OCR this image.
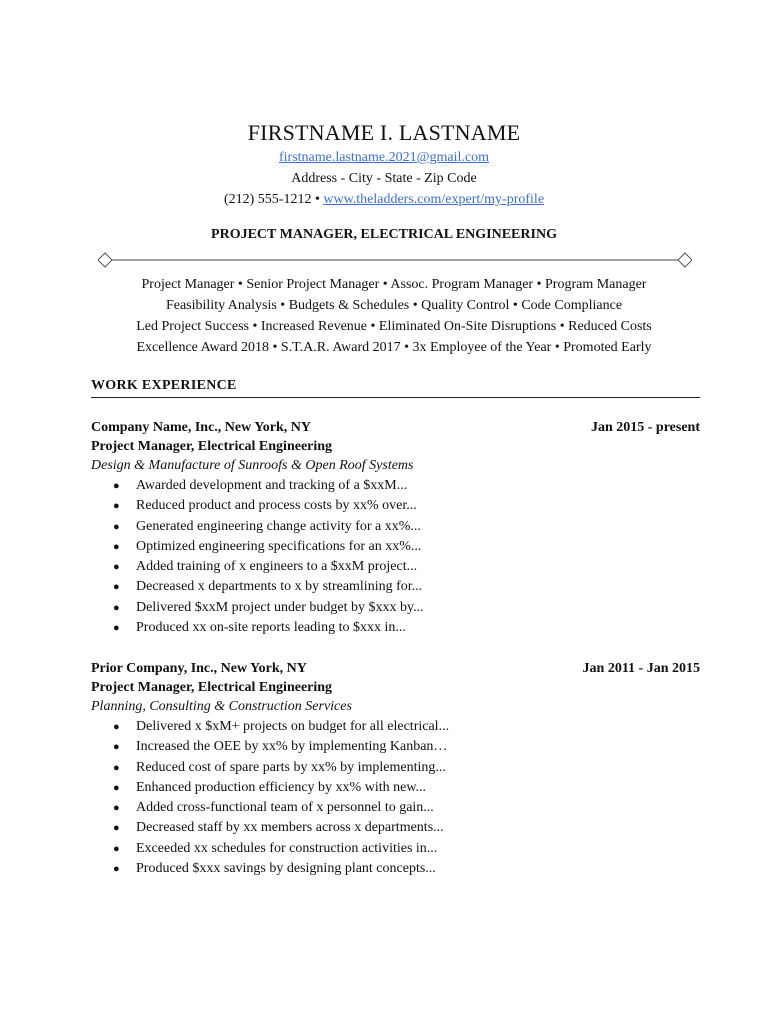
FIRSTNAME I. LASTNAME
firstname.lastname.2021@gmail.com
Address - City - State - Zip Code
(212) 555-1212 • www.theladders.com/expert/my-profile
PROJECT MANAGER, ELECTRICAL ENGINEERING
Project Manager • Senior Project Manager • Assoc. Program Manager • Program Manager
Feasibility Analysis • Budgets & Schedules • Quality Control • Code Compliance
Led Project Success • Increased Revenue • Eliminated On-Site Disruptions • Reduced Costs
Excellence Award 2018 • S.T.A.R. Award 2017 • 3x Employee of the Year • Promoted Early
WORK EXPERIENCE
Company Name, Inc., New York, NY	Jan 2015 - present
Project Manager, Electrical Engineering
Design & Manufacture of Sunroofs & Open Roof Systems
● Awarded development and tracking of a $xxM...
● Reduced product and process costs by xx% over...
● Generated engineering change activity for a xx%...
● Optimized engineering specifications for an xx%...
● Added training of x engineers to a $xxM project...
● Decreased x departments to x by streamlining for...
● Delivered $xxM project under budget by $xxx by...
● Produced xx on-site reports leading to $xxx in...
Prior Company, Inc., New York, NY	Jan 2011 - Jan 2015
Project Manager, Electrical Engineering
Planning, Consulting & Construction Services
● Delivered x $xM+ projects on budget for all electrical...
● Increased the OEE by xx% by implementing Kanban…
● Reduced cost of spare parts by xx% by implementing...
● Enhanced production efficiency by xx% with new...
● Added cross-functional team of x personnel to gain...
● Decreased staff by xx members across x departments...
● Exceeded xx schedules for construction activities in...
● Produced $xxx savings by designing plant concepts...
